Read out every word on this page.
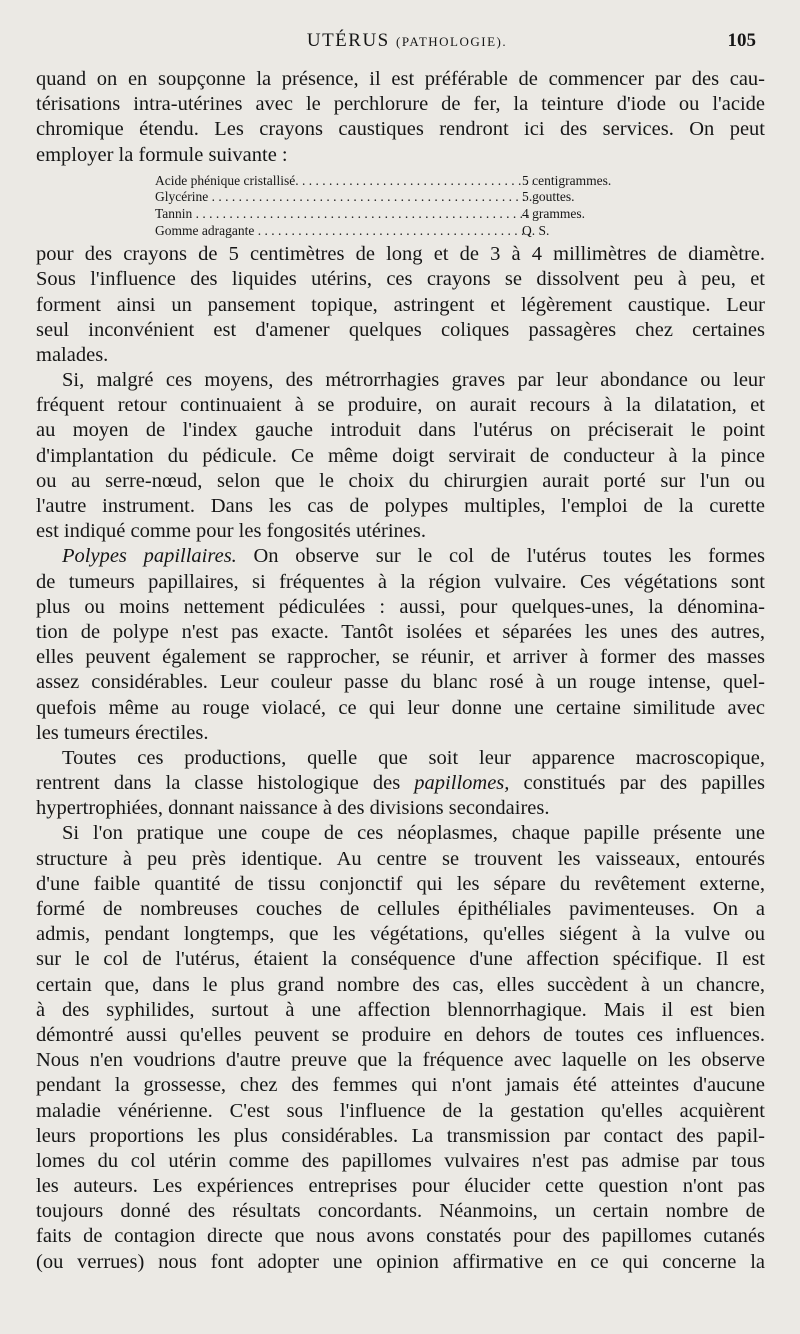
UTÉRUS (PATHOLOGIE).	105
quand on en soupçonne la présence, il est préférable de commencer par des cau-
térisations intra-utérines avec le perchlorure de fer, la teinture d'iode ou l'acide
chromique étendu. Les crayons caustiques rendront ici des services. On peut
employer la formule suivante :
Acide phénique cristallisé. . . .	5 centigrammes.
Glycérine . . .	5 gouttes.
Tannin . . .	4 grammes.
Gomme adragante . . .	Q. S.
pour des crayons de 5 centimètres de long et de 3 à 4 millimètres de diamètre.
Sous l'influence des liquides utérins, ces crayons se dissolvent peu à peu, et
forment ainsi un pansement topique, astringent et légèrement caustique. Leur
seul inconvénient est d'amener quelques coliques passagères chez certaines
malades.
Si, malgré ces moyens, des métrorrhagies graves par leur abondance ou leur
fréquent retour continuaient à se produire, on aurait recours à la dilatation, et
au moyen de l'index gauche introduit dans l'utérus on préciserait le point
d'implantation du pédicule. Ce même doigt servirait de conducteur à la pince
ou au serre-nœud, selon que le choix du chirurgien aurait porté sur l'un ou
l'autre instrument. Dans les cas de polypes multiples, l'emploi de la curette
est indiqué comme pour les fongosités utérines.
Polypes papillaires. On observe sur le col de l'utérus toutes les formes
de tumeurs papillaires, si fréquentes à la région vulvaire. Ces végétations sont
plus ou moins nettement pédiculées : aussi, pour quelques-unes, la dénomina-
tion de polype n'est pas exacte. Tantôt isolées et séparées les unes des autres,
elles peuvent également se rapprocher, se réunir, et arriver à former des masses
assez considérables. Leur couleur passe du blanc rosé à un rouge intense, quel-
quefois même au rouge violacé, ce qui leur donne une certaine similitude avec
les tumeurs érectiles.
Toutes ces productions, quelle que soit leur apparence macroscopique,
rentrent dans la classe histologique des papillomes, constitués par des papilles
hypertrophiées, donnant naissance à des divisions secondaires.
Si l'on pratique une coupe de ces néoplasmes, chaque papille présente une
structure à peu près identique. Au centre se trouvent les vaisseaux, entourés
d'une faible quantité de tissu conjonctif qui les sépare du revêtement externe,
formé de nombreuses couches de cellules épithéliales pavimenteuses. On a
admis, pendant longtemps, que les végétations, qu'elles siégent à la vulve ou
sur le col de l'utérus, étaient la conséquence d'une affection spécifique. Il est
certain que, dans le plus grand nombre des cas, elles succèdent à un chancre,
à des syphilides, surtout à une affection blennorrhagique. Mais il est bien
démontré aussi qu'elles peuvent se produire en dehors de toutes ces influences.
Nous n'en voudrions d'autre preuve que la fréquence avec laquelle on les observe
pendant la grossesse, chez des femmes qui n'ont jamais été atteintes d'aucune
maladie vénérienne. C'est sous l'influence de la gestation qu'elles acquièrent
leurs proportions les plus considérables. La transmission par contact des papil-
lomes du col utérin comme des papillomes vulvaires n'est pas admise par tous
les auteurs. Les expériences entreprises pour élucider cette question n'ont pas
toujours donné des résultats concordants. Néanmoins, un certain nombre de
faits de contagion directe que nous avons constatés pour des papillomes cutanés
(ou verrues) nous font adopter une opinion affirmative en ce qui concerne la
